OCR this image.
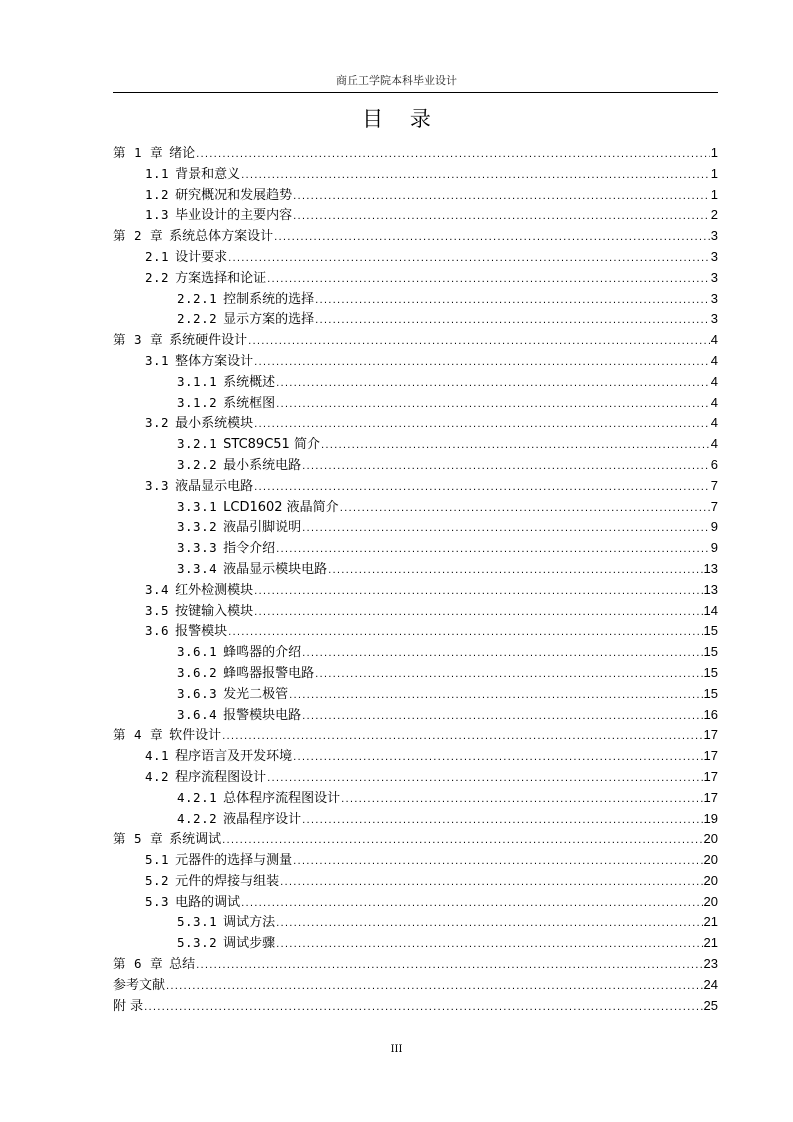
商丘工学院本科毕业设计
目 录
第 1 章 绪论 .....	1
1.1 背景和意义 .....	1
1.2 研究概况和发展趋势 .....	1
1.3 毕业设计的主要内容 .....	2
第 2 章 系统总体方案设计 .....	3
2.1 设计要求 .....	3
2.2 方案选择和论证 .....	3
2.2.1 控制系统的选择 .....	3
2.2.2 显示方案的选择 .....	3
第 3 章 系统硬件设计 .....	4
3.1 整体方案设计 .....	4
3.1.1 系统概述 .....	4
3.1.2 系统框图 .....	4
3.2 最小系统模块 .....	4
3.2.1 STC89C51 简介 .....	4
3.2.2 最小系统电路 .....	6
3.3 液晶显示电路 .....	7
3.3.1 LCD1602 液晶简介 .....	7
3.3.2 液晶引脚说明 .....	9
3.3.3 指令介绍 .....	9
3.3.4 液晶显示模块电路 .....	13
3.4 红外检测模块 .....	13
3.5 按键输入模块 .....	14
3.6 报警模块 .....	15
3.6.1 蜂鸣器的介绍 .....	15
3.6.2 蜂鸣器报警电路 .....	15
3.6.3 发光二极管 .....	15
3.6.4 报警模块电路 .....	16
第 4 章 软件设计 .....	17
4.1 程序语言及开发环境 .....	17
4.2 程序流程图设计 .....	17
4.2.1 总体程序流程图设计 .....	17
4.2.2 液晶程序设计 .....	19
第 5 章 系统调试 .....	20
5.1 元器件的选择与测量 .....	20
5.2 元件的焊接与组装 .....	20
5.3 电路的调试 .....	20
5.3.1 调试方法 .....	21
5.3.2 调试步骤 .....	21
第 6 章 总结 .....	23
参考文献 .....	24
附 录 .....	25
III
